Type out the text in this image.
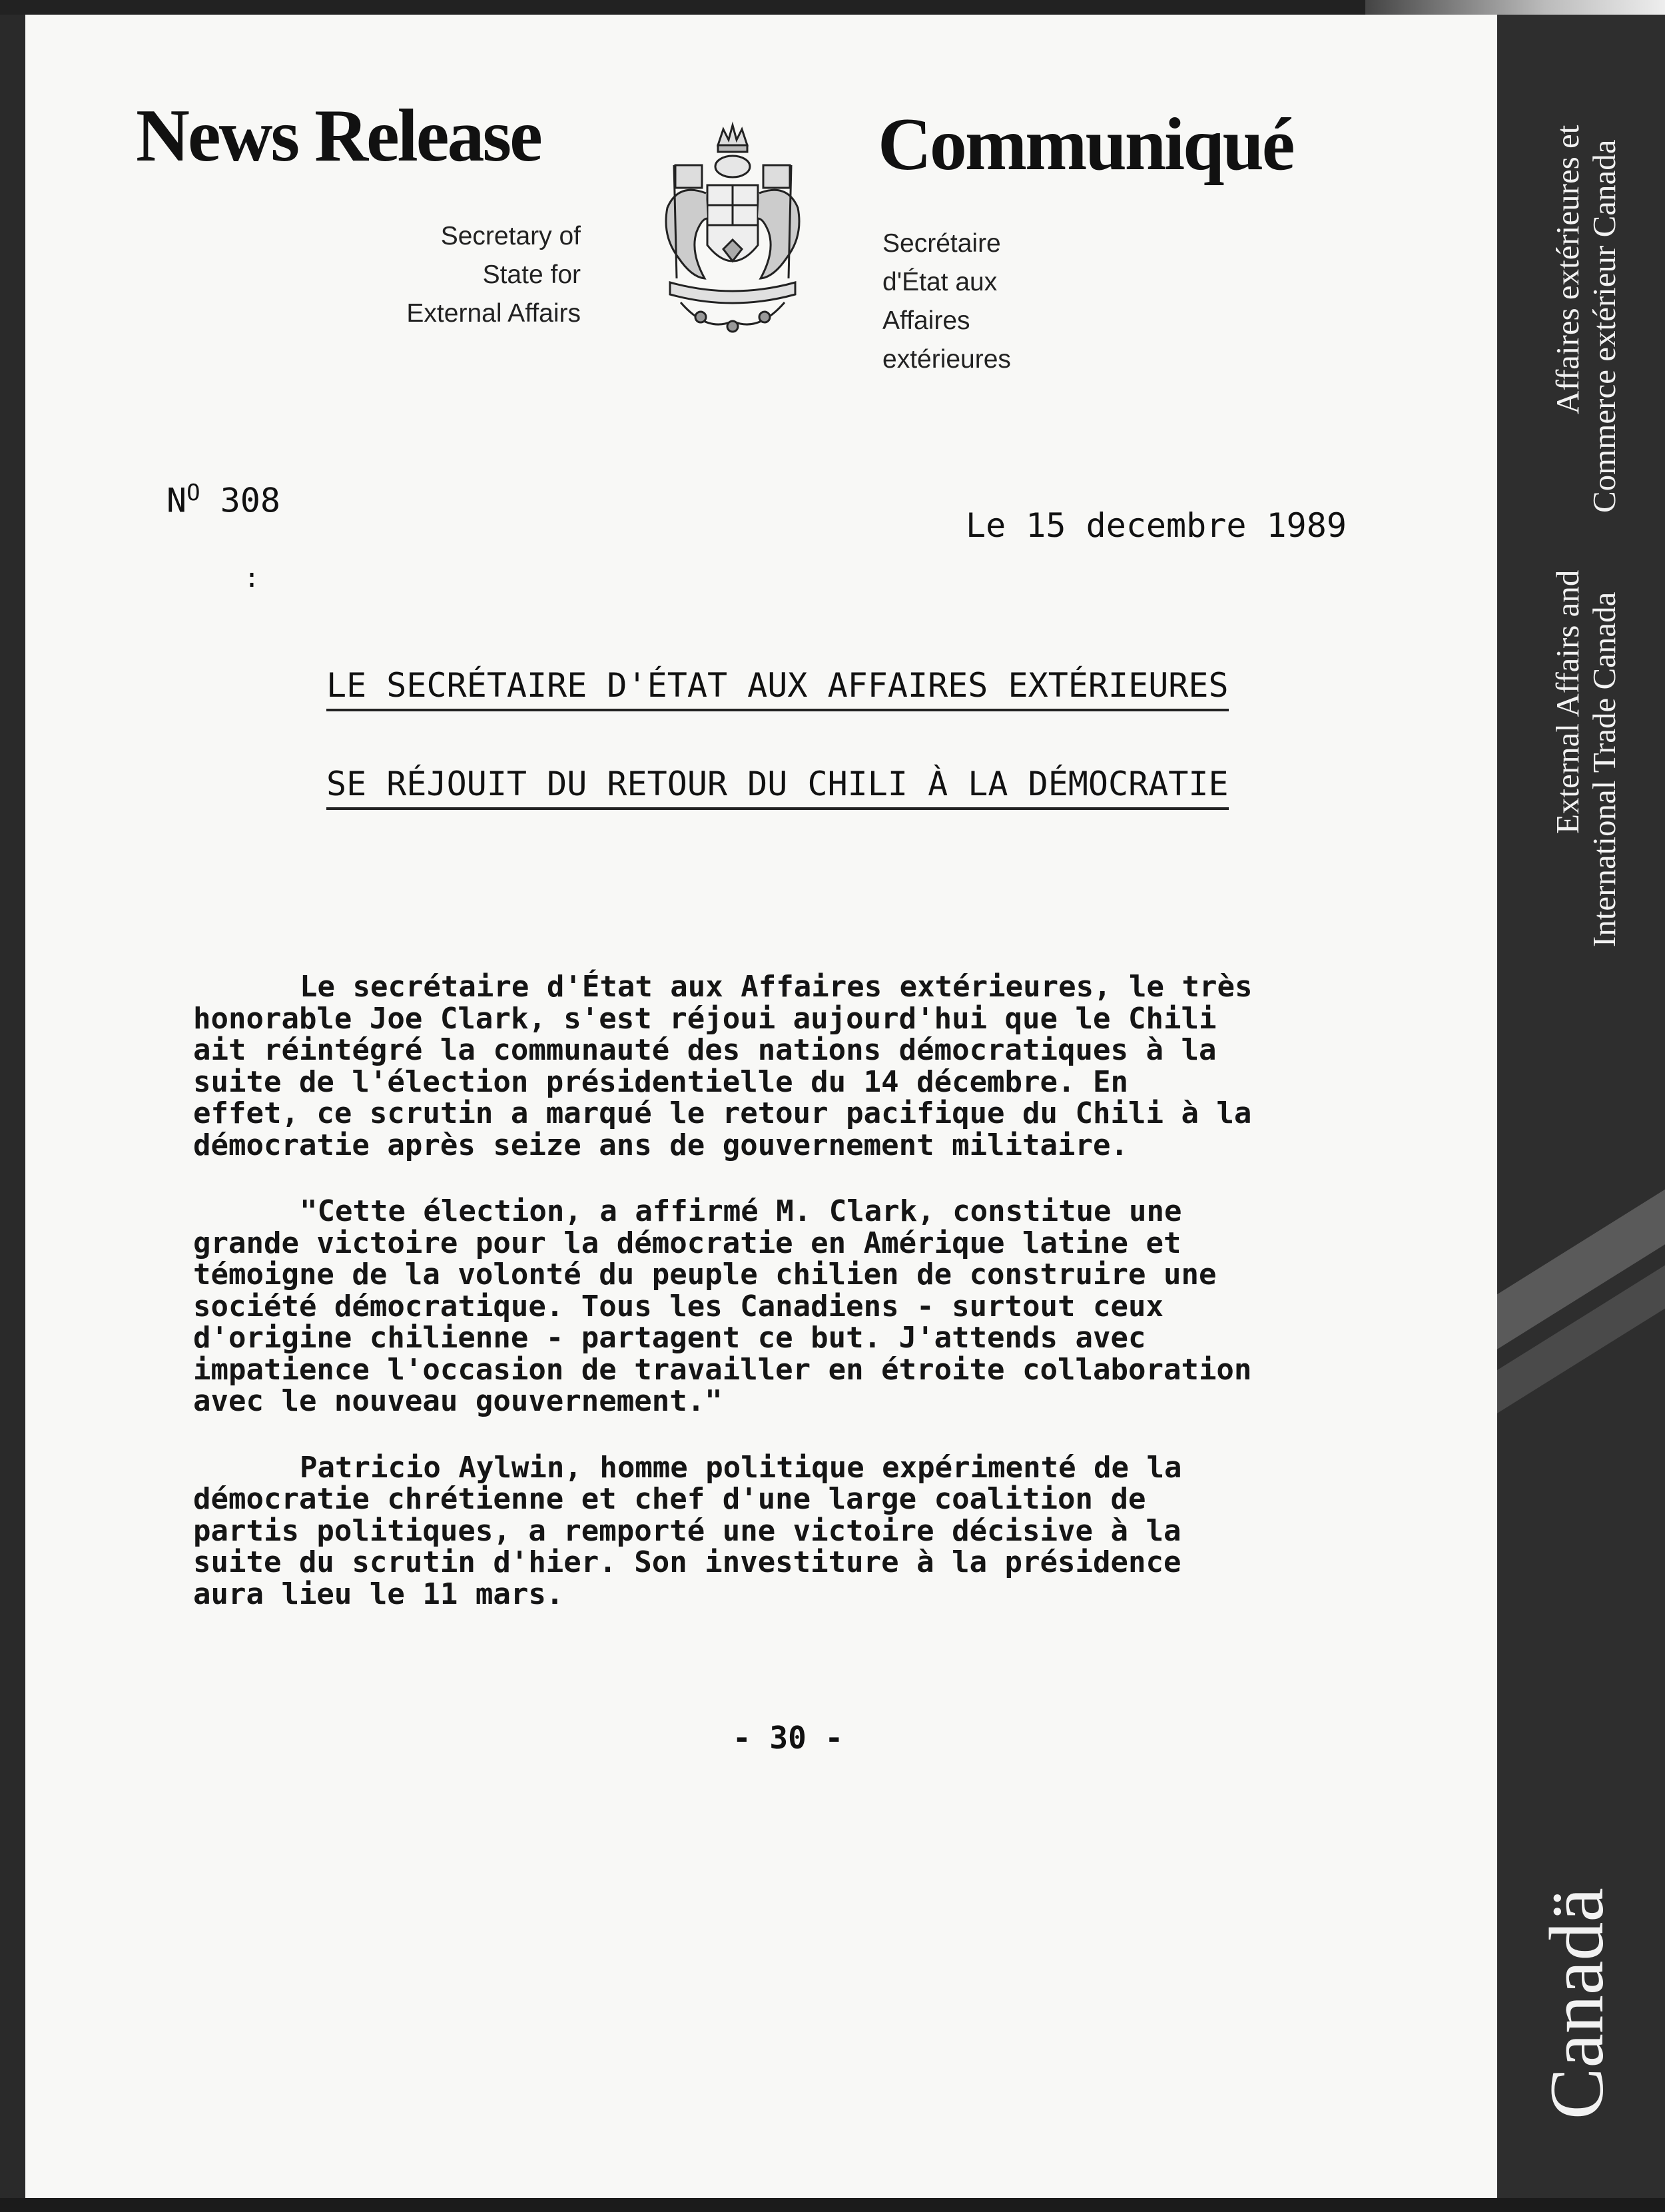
Affaires extérieures et Commerce extérieur Canada
External Affairs and International Trade Canada
Canadä
News Release	Communiqué
Secretary of
State for
External Affairs
Secrétaire
d'État aux
Affaires
extérieures
$N^O$ 308
Le 15 decembre 1989
:
LE SECRÉTAIRE D'ÉTAT AUX AFFAIRES EXTÉRIEURES
SE RÉJOUIT DU RETOUR DU CHILI À LA DÉMOCRATIE

Le secrétaire d'État aux Affaires extérieures, le très
honorable Joe Clark, s'est réjoui aujourd'hui que le Chili
ait réintégré la communauté des nations démocratiques à la
suite de l'élection présidentielle du 14 décembre. En
effet, ce scrutin a marqué le retour pacifique du Chili à la
démocratie après seize ans de gouvernement militaire.

"Cette élection, a affirmé M. Clark, constitue une
grande victoire pour la démocratie en Amérique latine et
témoigne de la volonté du peuple chilien de construire une
société démocratique. Tous les Canadiens - surtout ceux
d'origine chilienne - partagent ce but. J'attends avec
impatience l'occasion de travailler en étroite collaboration
avec le nouveau gouvernement."

Patricio Aylwin, homme politique expérimenté de la
démocratie chrétienne et chef d'une large coalition de
partis politiques, a remporté une victoire décisive à la
suite du scrutin d'hier. Son investiture à la présidence
aura lieu le 11 mars.

- 30 -
